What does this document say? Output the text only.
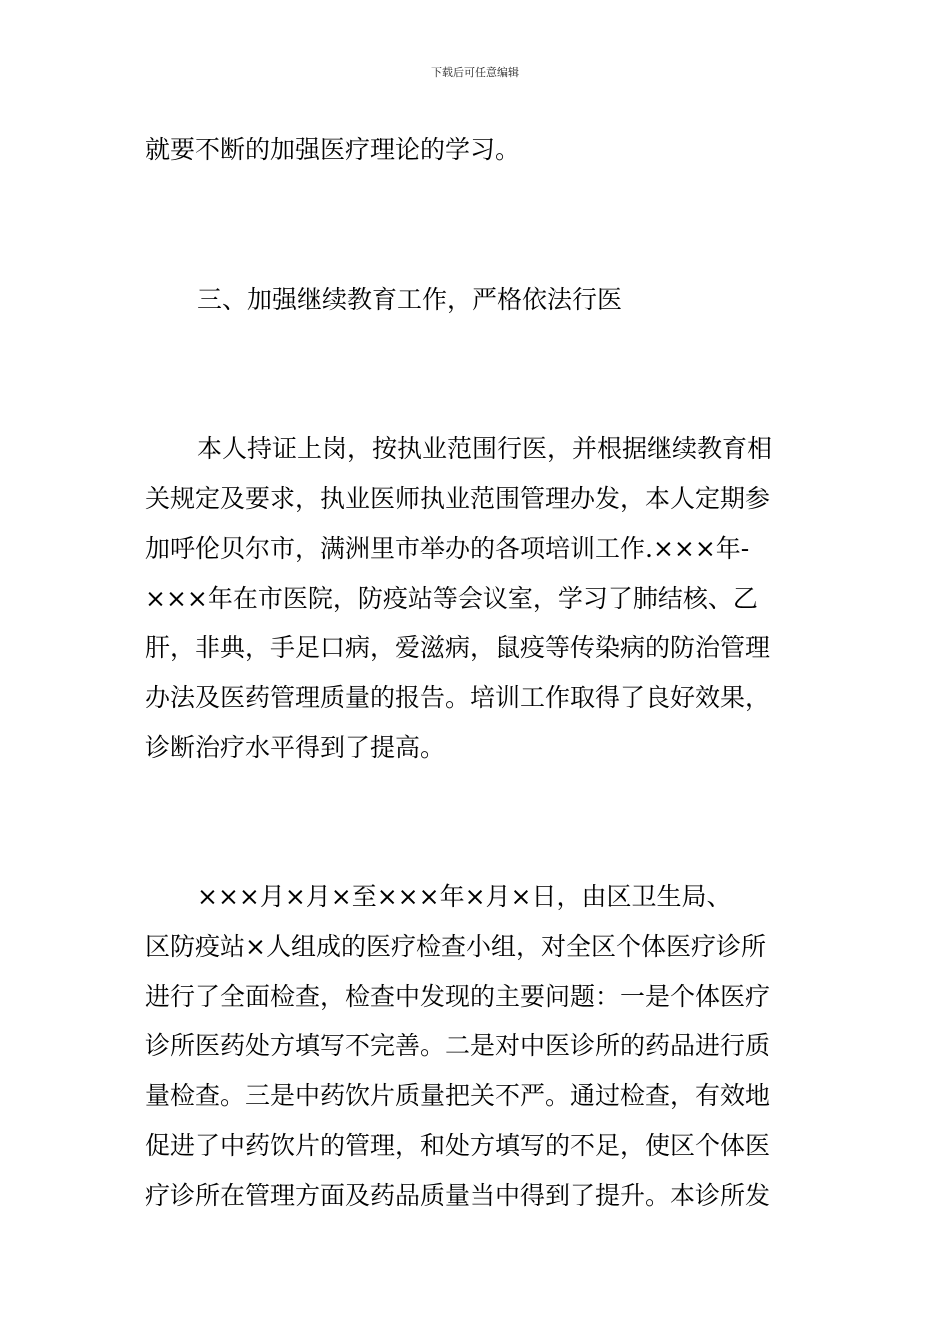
下载后可任意编辑
就要不断的加强医疗理论的学习。
三、加强继续教育工作，严格依法行医
本人持证上岗，按执业范围行医，并根据继续教育相
关规定及要求，执业医师执业范围管理办发，本人定期参
加呼伦贝尔市，满洲里市举办的各项培训工作.×××年-
×××年在市医院，防疫站等会议室，学习了肺结核、乙
肝，非典，手足口病，爱滋病，鼠疫等传染病的防治管理
办法及医药管理质量的报告。培训工作取得了良好效果，
诊断治疗水平得到了提高。
×××月×月×至×××年×月×日，由区卫生局、
区防疫站×人组成的医疗检查小组，对全区个体医疗诊所
进行了全面检查，检查中发现的主要问题：一是个体医疗
诊所医药处方填写不完善。二是对中医诊所的药品进行质
量检查。三是中药饮片质量把关不严。通过检查，有效地
促进了中药饮片的管理，和处方填写的不足，使区个体医
疗诊所在管理方面及药品质量当中得到了提升。本诊所发
